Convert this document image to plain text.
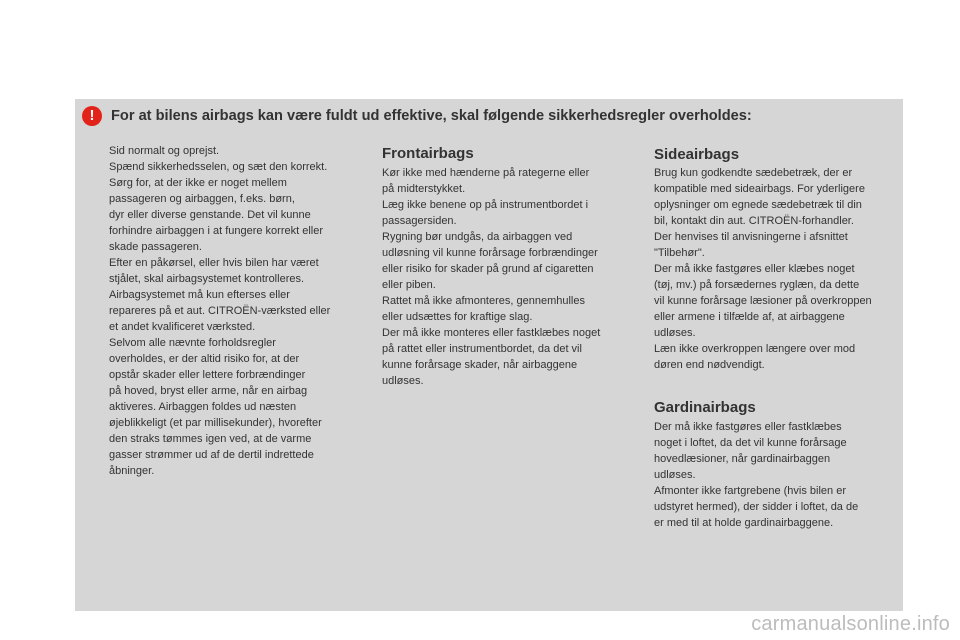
!	For at bilens airbags kan være fuldt ud effektive, skal følgende sikkerhedsregler overholdes:
Sid normalt og oprejst.
Spænd sikkerhedsselen, og sæt den korrekt.
Sørg for, at der ikke er noget mellem
passageren og airbaggen, f.eks. børn,
dyr eller diverse genstande. Det vil kunne
forhindre airbaggen i at fungere korrekt eller
skade passageren.
Efter en påkørsel, eller hvis bilen har været
stjålet, skal airbagsystemet kontrolleres.
Airbagsystemet må kun efterses eller
repareres på et aut. CITROËN-værksted eller
et andet kvalificeret værksted.
Selvom alle nævnte forholdsregler
overholdes, er der altid risiko for, at der
opstår skader eller lettere forbrændinger
på hoved, bryst eller arme, når en airbag
aktiveres. Airbaggen foldes ud næsten
øjeblikkeligt (et par millisekunder), hvorefter
den straks tømmes igen ved, at de varme
gasser strømmer ud af de dertil indrettede
åbninger.
Frontairbags
Kør ikke med hænderne på rategerne eller
på midterstykket.
Læg ikke benene op på instrumentbordet i
passagersiden.
Rygning bør undgås, da airbaggen ved
udløsning vil kunne forårsage forbrændinger
eller risiko for skader på grund af cigaretten
eller piben.
Rattet må ikke afmonteres, gennemhulles
eller udsættes for kraftige slag.
Der må ikke monteres eller fastklæbes noget
på rattet eller instrumentbordet, da det vil
kunne forårsage skader, når airbaggene
udløses.
Sideairbags
Brug kun godkendte sædebetræk, der er
kompatible med sideairbags. For yderligere
oplysninger om egnede sædebetræk til din
bil, kontakt din aut. CITROËN-forhandler.
Der henvises til anvisningerne i afsnittet
"Tilbehør".
Der må ikke fastgøres eller klæbes noget
(tøj, mv.) på forsædernes ryglæn, da dette
vil kunne forårsage læsioner på overkroppen
eller armene i tilfælde af, at airbaggene
udløses.
Læn ikke overkroppen længere over mod
døren end nødvendigt.
Gardinairbags
Der må ikke fastgøres eller fastklæbes
noget i loftet, da det vil kunne forårsage
hovedlæsioner, når gardinairbaggen
udløses.
Afmonter ikke fartgrebene (hvis bilen er
udstyret hermed), der sidder i loftet, da de
er med til at holde gardinairbaggene.
carmanualsonline.info
